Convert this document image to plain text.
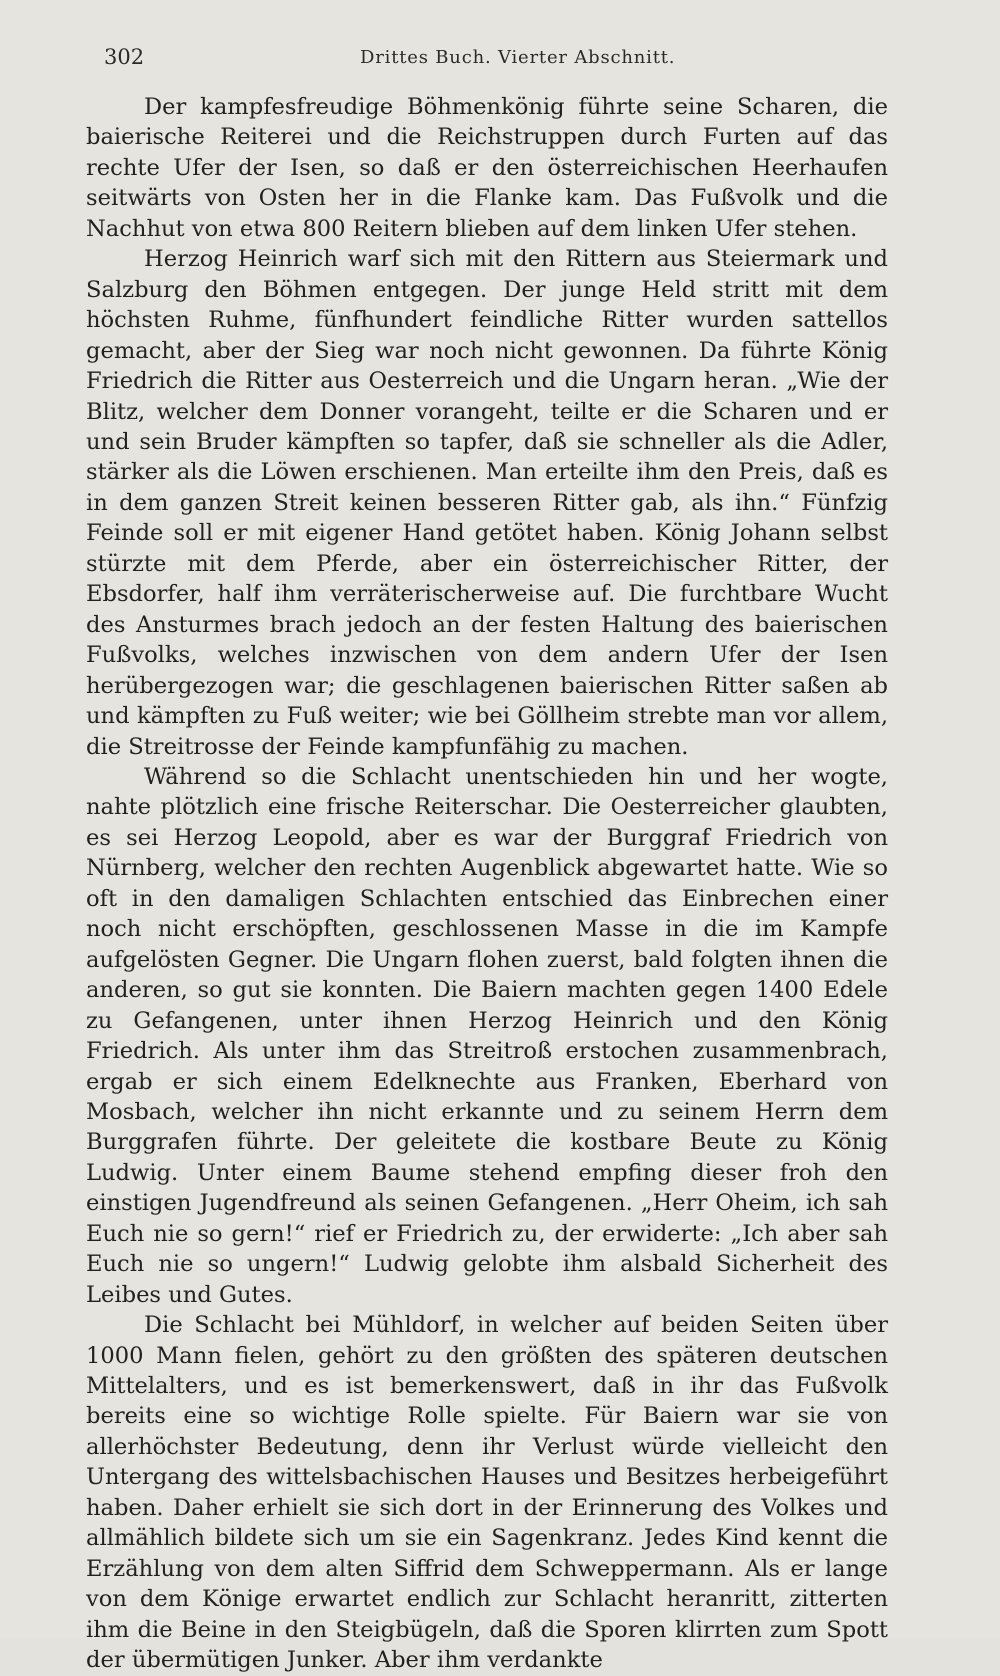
302	Drittes Buch. Vierter Abschnitt.

Der kampfesfreudige Böhmenkönig führte seine Scharen, die baierische Reiterei und die Reichstruppen durch Furten auf das rechte Ufer der Isen, so daß er den österreichischen Heerhaufen seitwärts von Osten her in die Flanke kam. Das Fußvolk und die Nachhut von etwa 800 Reitern blieben auf dem linken Ufer stehen.

Herzog Heinrich warf sich mit den Rittern aus Steiermark und Salzburg den Böhmen entgegen. Der junge Held stritt mit dem höchsten Ruhme, fünfhundert feindliche Ritter wurden sattellos gemacht, aber der Sieg war noch nicht gewonnen. Da führte König Friedrich die Ritter aus Oesterreich und die Ungarn heran. „Wie der Blitz, welcher dem Donner vorangeht, teilte er die Scharen und er und sein Bruder kämpften so tapfer, daß sie schneller als die Adler, stärker als die Löwen erschienen. Man erteilte ihm den Preis, daß es in dem ganzen Streit keinen besseren Ritter gab, als ihn.“ Fünfzig Feinde soll er mit eigener Hand getötet haben. König Johann selbst stürzte mit dem Pferde, aber ein österreichischer Ritter, der Ebsdorfer, half ihm verräterischerweise auf. Die furchtbare Wucht des Ansturmes brach jedoch an der festen Haltung des baierischen Fußvolks, welches inzwischen von dem andern Ufer der Isen herübergezogen war; die geschlagenen baierischen Ritter saßen ab und kämpften zu Fuß weiter; wie bei Göllheim strebte man vor allem, die Streitrosse der Feinde kampfunfähig zu machen.

Während so die Schlacht unentschieden hin und her wogte, nahte plötzlich eine frische Reiterschar. Die Oesterreicher glaubten, es sei Herzog Leopold, aber es war der Burggraf Friedrich von Nürnberg, welcher den rechten Augenblick abgewartet hatte. Wie so oft in den damaligen Schlachten entschied das Einbrechen einer noch nicht erschöpften, geschlossenen Masse in die im Kampfe aufgelösten Gegner. Die Ungarn flohen zuerst, bald folgten ihnen die anderen, so gut sie konnten. Die Baiern machten gegen 1400 Edele zu Gefangenen, unter ihnen Herzog Heinrich und den König Friedrich. Als unter ihm das Streitroß erstochen zusammenbrach, ergab er sich einem Edelknechte aus Franken, Eberhard von Mosbach, welcher ihn nicht erkannte und zu seinem Herrn dem Burggrafen führte. Der geleitete die kostbare Beute zu König Ludwig. Unter einem Baume stehend empfing dieser froh den einstigen Jugendfreund als seinen Gefangenen. „Herr Oheim, ich sah Euch nie so gern!“ rief er Friedrich zu, der erwiderte: „Ich aber sah Euch nie so ungern!“ Ludwig gelobte ihm alsbald Sicherheit des Leibes und Gutes.

Die Schlacht bei Mühldorf, in welcher auf beiden Seiten über 1000 Mann fielen, gehört zu den größten des späteren deutschen Mittelalters, und es ist bemerkenswert, daß in ihr das Fußvolk bereits eine so wichtige Rolle spielte. Für Baiern war sie von allerhöchster Bedeutung, denn ihr Verlust würde vielleicht den Untergang des wittelsbachischen Hauses und Besitzes herbeigeführt haben. Daher erhielt sie sich dort in der Erinnerung des Volkes und allmählich bildete sich um sie ein Sagenkranz. Jedes Kind kennt die Erzählung von dem alten Siffrid dem Schweppermann. Als er lange von dem Könige erwartet endlich zur Schlacht heranritt, zitterten ihm die Beine in den Steigbügeln, daß die Sporen klirrten zum Spott der übermütigen Junker. Aber ihm verdankte
